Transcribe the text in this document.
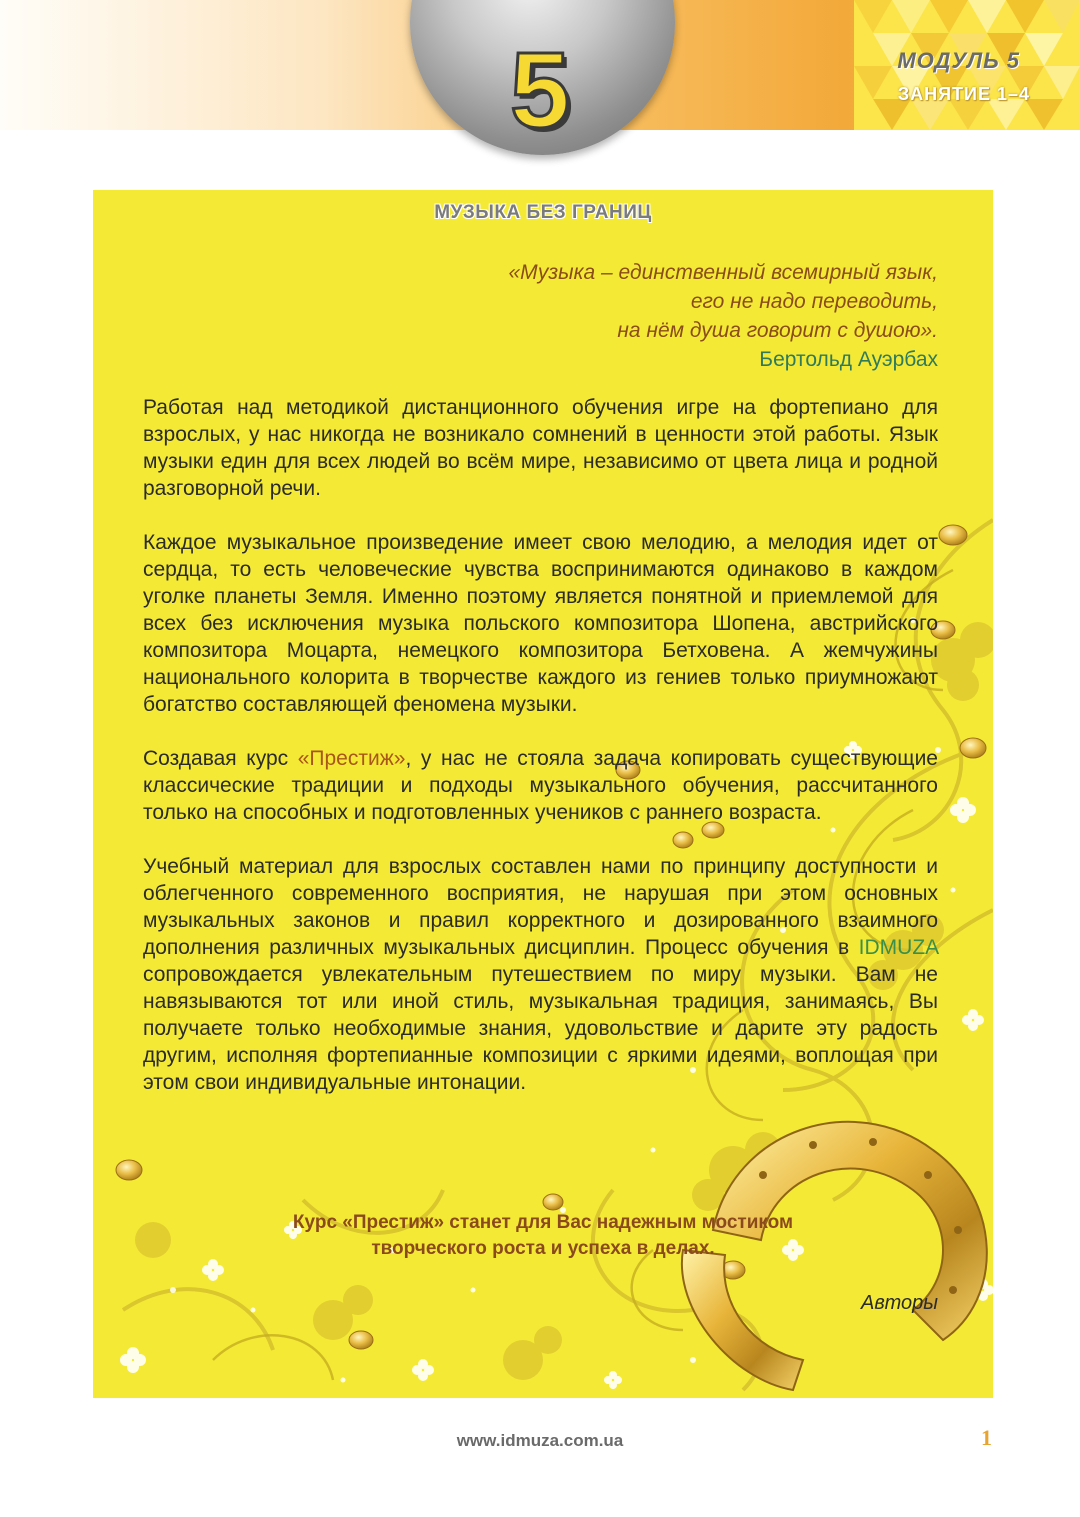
МОДУЛЬ 5
ЗАНЯТИЕ 1–4
5
МУЗЫКА БЕЗ ГРАНИЦ
«Музыка – единственный всемирный язык,
его не надо переводить,
на нём душа говорит с душою».
Бертольд Ауэрбах

Работая над методикой дистанционного обучения игре на фортепиано для взрослых, у нас никогда не возникало сомнений в ценности этой работы. Язык музыки един для всех людей во всём мире, независимо от цвета лица и родной разговорной речи.

Каждое музыкальное произведение имеет свою мелодию, а мелодия идет от сердца, то есть человеческие чувства воспринимаются одинаково в каждом уголке планеты Земля. Именно поэтому является понятной и приемлемой для всех без исключения музыка польского композитора Шопена, австрийского композитора Моцарта, немецкого композитора Бетховена. А жемчужины национального колорита в творчестве каждого из гениев только приумножают богатство составляющей феномена музыки.

Создавая курс «Престиж», у нас не стояла задача копировать существующие классические традиции и подходы музыкального обучения, рассчитанного только на способных и подготовленных учеников с раннего возраста.

Учебный материал для взрослых составлен нами по принципу доступности и облегченного современного восприятия, не нарушая при этом основных музыкальных законов и правил корректного и дозированного взаимного дополнения различных музыкальных дисциплин. Процесс обучения в IDMUZA сопровождается увлекательным путешествием по миру музыки. Вам не навязываются тот или иной стиль, музыкальная традиция, занимаясь, Вы получаете только необходимые знания, удовольствие и дарите эту радость другим, исполняя фортепианные композиции с яркими идеями, воплощая при этом свои индивидуальные интонации.

Курс «Престиж» станет для Вас надежным мостиком
творческого роста и успеха в делах.
Авторы
www.idmuza.com.ua	1
